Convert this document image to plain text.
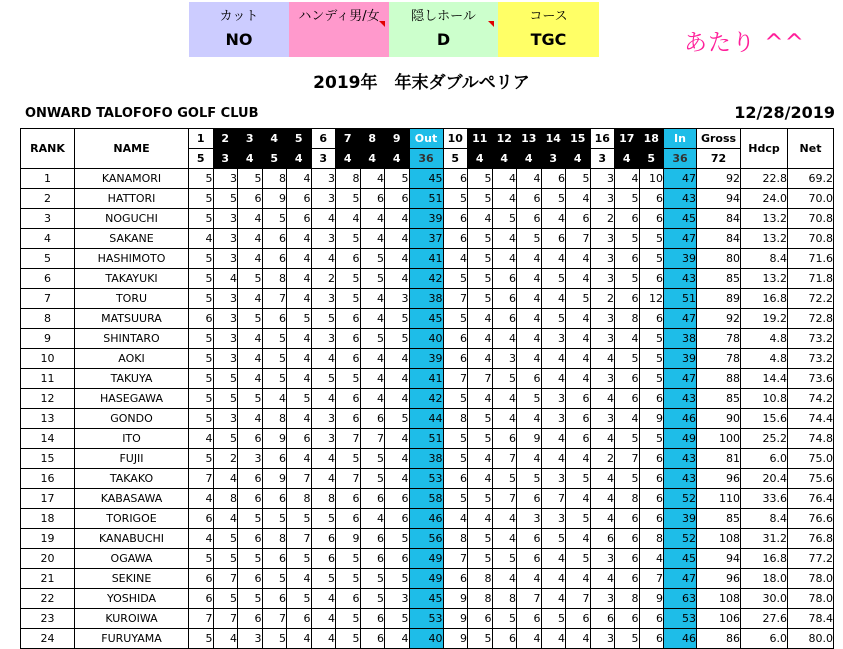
カット
NO
ハンディ男/女	隠しホール
D
コース
TGC	あたり ^^
2019年　年末ダブルペリア
ONWARD TALOFOFO GOLF CLUB	12/28/2019
RANK	NAME	1	2	3	4	5	6	7	8	9	Out	10	11	12	13	14	15	16	17	18	In	Gross	Hdcp	Net
		5	3	4	5	4	3	4	4	4	36	5	4	4	4	3	4	3	4	5	36	72		
1	KANAMORI	5	3	5	8	4	3	8	4	5	45	6	5	4	4	6	5	3	4	10	47	92	22.8	69.2
2	HATTORI	5	5	6	9	6	3	5	6	6	51	5	5	4	6	5	4	3	5	6	43	94	24.0	70.0
3	NOGUCHI	5	3	4	5	6	4	4	4	4	39	6	4	5	6	4	6	2	6	6	45	84	13.2	70.8
4	SAKANE	4	3	4	6	4	3	5	4	4	37	6	5	4	5	6	7	3	5	5	47	84	13.2	70.8
5	HASHIMOTO	5	3	4	6	4	4	6	5	4	41	4	5	4	4	4	4	3	6	5	39	80	8.4	71.6
6	TAKAYUKI	5	4	5	8	4	2	5	5	4	42	5	5	6	4	5	4	3	5	6	43	85	13.2	71.8
7	TORU	5	3	4	7	4	3	5	4	3	38	7	5	6	4	4	5	2	6	12	51	89	16.8	72.2
8	MATSUURA	6	3	5	6	5	5	6	4	5	45	5	4	6	4	5	4	3	8	6	47	92	19.2	72.8
9	SHINTARO	5	3	4	5	4	3	6	5	5	40	6	4	4	4	3	4	3	4	5	38	78	4.8	73.2
10	AOKI	5	3	4	5	4	4	6	4	4	39	6	4	3	4	4	4	4	5	5	39	78	4.8	73.2
11	TAKUYA	5	5	4	5	4	5	5	4	4	41	7	7	5	6	4	4	3	6	5	47	88	14.4	73.6
12	HASEGAWA	5	5	5	4	5	4	6	4	4	42	5	4	4	5	3	6	4	6	6	43	85	10.8	74.2
13	GONDO	5	3	4	8	4	3	6	6	5	44	8	5	4	4	3	6	3	4	9	46	90	15.6	74.4
14	ITO	4	5	6	9	6	3	7	7	4	51	5	5	6	9	4	6	4	5	5	49	100	25.2	74.8
15	FUJII	5	2	3	6	4	4	5	5	4	38	5	4	7	4	4	4	2	7	6	43	81	6.0	75.0
16	TAKAKO	7	4	6	9	7	4	7	5	4	53	6	4	5	5	3	5	4	5	6	43	96	20.4	75.6
17	KABASAWA	4	8	6	6	8	8	6	6	6	58	5	5	7	6	7	4	4	8	6	52	110	33.6	76.4
18	TORIGOE	6	4	5	5	5	5	6	4	6	46	4	4	4	3	3	5	4	6	6	39	85	8.4	76.6
19	KANABUCHI	4	5	6	8	7	6	9	6	5	56	8	5	4	6	5	4	6	6	8	52	108	31.2	76.8
20	OGAWA	5	5	5	6	5	6	5	6	6	49	7	5	5	6	4	5	3	6	4	45	94	16.8	77.2
21	SEKINE	6	7	6	5	4	5	5	5	5	49	6	8	4	4	4	4	4	6	7	47	96	18.0	78.0
22	YOSHIDA	6	5	5	6	5	4	6	5	3	45	9	8	8	7	4	7	3	8	9	63	108	30.0	78.0
23	KUROIWA	7	7	6	7	6	4	5	6	5	53	9	6	5	6	5	6	6	6	6	53	106	27.6	78.4
24	FURUYAMA	5	4	3	5	4	4	5	6	4	40	9	5	6	4	4	4	3	5	6	46	86	6.0	80.0
